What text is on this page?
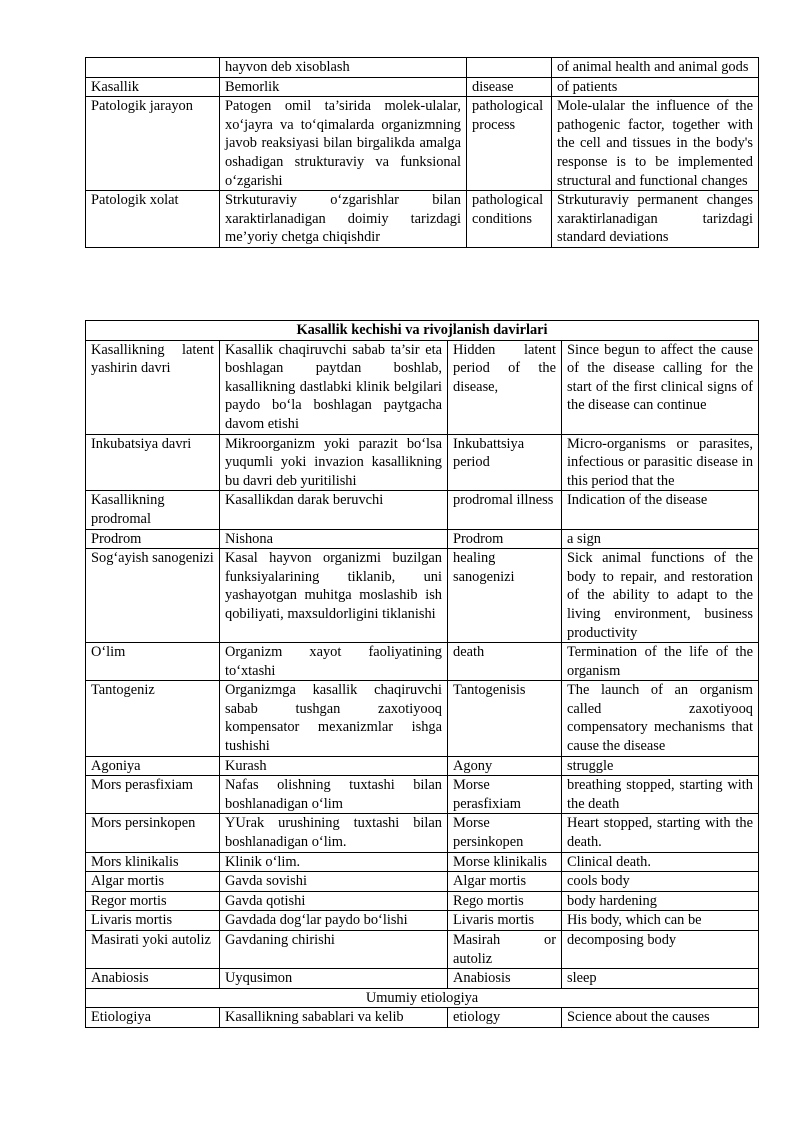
	hayvon deb xisoblash		of animal health and animal gods
Kasallik	Bemorlik	disease	of patients
Patologik jarayon	Patogen omil ta’sirida molek-ulalar, xo‘jayra va to‘qimalarda organizmning javob reaksiyasi bilan birgalikda amalga oshadigan strukturaviy va funksional o‘zgarishi	pathological process	Mole-ulalar the influence of the pathogenic factor, together with the cell and tissues in the body's response is to be implemented structural and functional changes
Patologik xolat	Strkuturaviy o‘zgarishlar bilan xaraktirlanadigan doimiy tarizdagi me’yoriy chetga chiqishdir	pathological conditions	Strkuturaviy permanent changes xaraktirlanadigan tarizdagi standard deviations
Kasallik kechishi va rivojlanish davirlari			
Kasallikning latent yashirin davri	Kasallik chaqiruvchi sabab ta’sir eta boshlagan paytdan boshlab, kasallikning dastlabki klinik belgilari paydo bo‘la boshlagan paytgacha davom etishi	Hidden latent period of the disease,	Since begun to affect the cause of the disease calling for the start of the first clinical signs of the disease can continue
Inkubatsiya davri	Mikroorganizm yoki parazit bo‘lsa yuqumli yoki invazion kasallikning bu davri deb yuritilishi	Inkubattsiya period	Micro-organisms or parasites, infectious or parasitic disease in this period that the
Kasallikning prodromal	Kasallikdan darak beruvchi	prodromal illness	Indication of the disease
Prodrom	Nishona	Prodrom	a sign
Sog‘ayish sanogenizi	Kasal hayvon organizmi buzilgan funksiyalarining tiklanib, uni yashayotgan muhitga moslashib ish qobiliyati, maxsuldorligini tiklanishi	healing sanogenizi	Sick animal functions of the body to repair, and restoration of the ability to adapt to the living environment, business productivity
O‘lim	Organizm xayot faoliyatining to‘xtashi	death	Termination of the life of the organism
Tantogeniz	Organizmga kasallik chaqiruvchi sabab tushgan zaxotiyooq kompensator mexanizmlar ishga tushishi	Tantogenisis	The launch of an organism called zaxotiyooq compensatory mechanisms that cause the disease
Agoniya	Kurash	Agony	struggle
Mors perasfixiam	Nafas olishning tuxtashi bilan boshlanadigan o‘lim	Morse perasfixiam	breathing stopped, starting with the death
Mors persinkopen	YUrak urushining tuxtashi bilan boshlanadigan o‘lim.	Morse persinkopen	Heart stopped, starting with the death.
Mors klinikalis	Klinik o‘lim.	Morse klinikalis	Clinical death.
Algar mortis	Gavda sovishi	Algar mortis	cools body
Regor mortis	Gavda qotishi	Rego mortis	body hardening
Livaris mortis	Gavdada dog‘lar paydo bo‘lishi	Livaris mortis	His body, which can be
Masirati yoki autoliz	Gavdaning chirishi	Masirah or autoliz	decomposing body
Anabiosis	Uyqusimon	Anabiosis	sleep
Umumiy etiologiya			
Etiologiya	Kasallikning sabablari va kelib	etiology	Science about the causes
